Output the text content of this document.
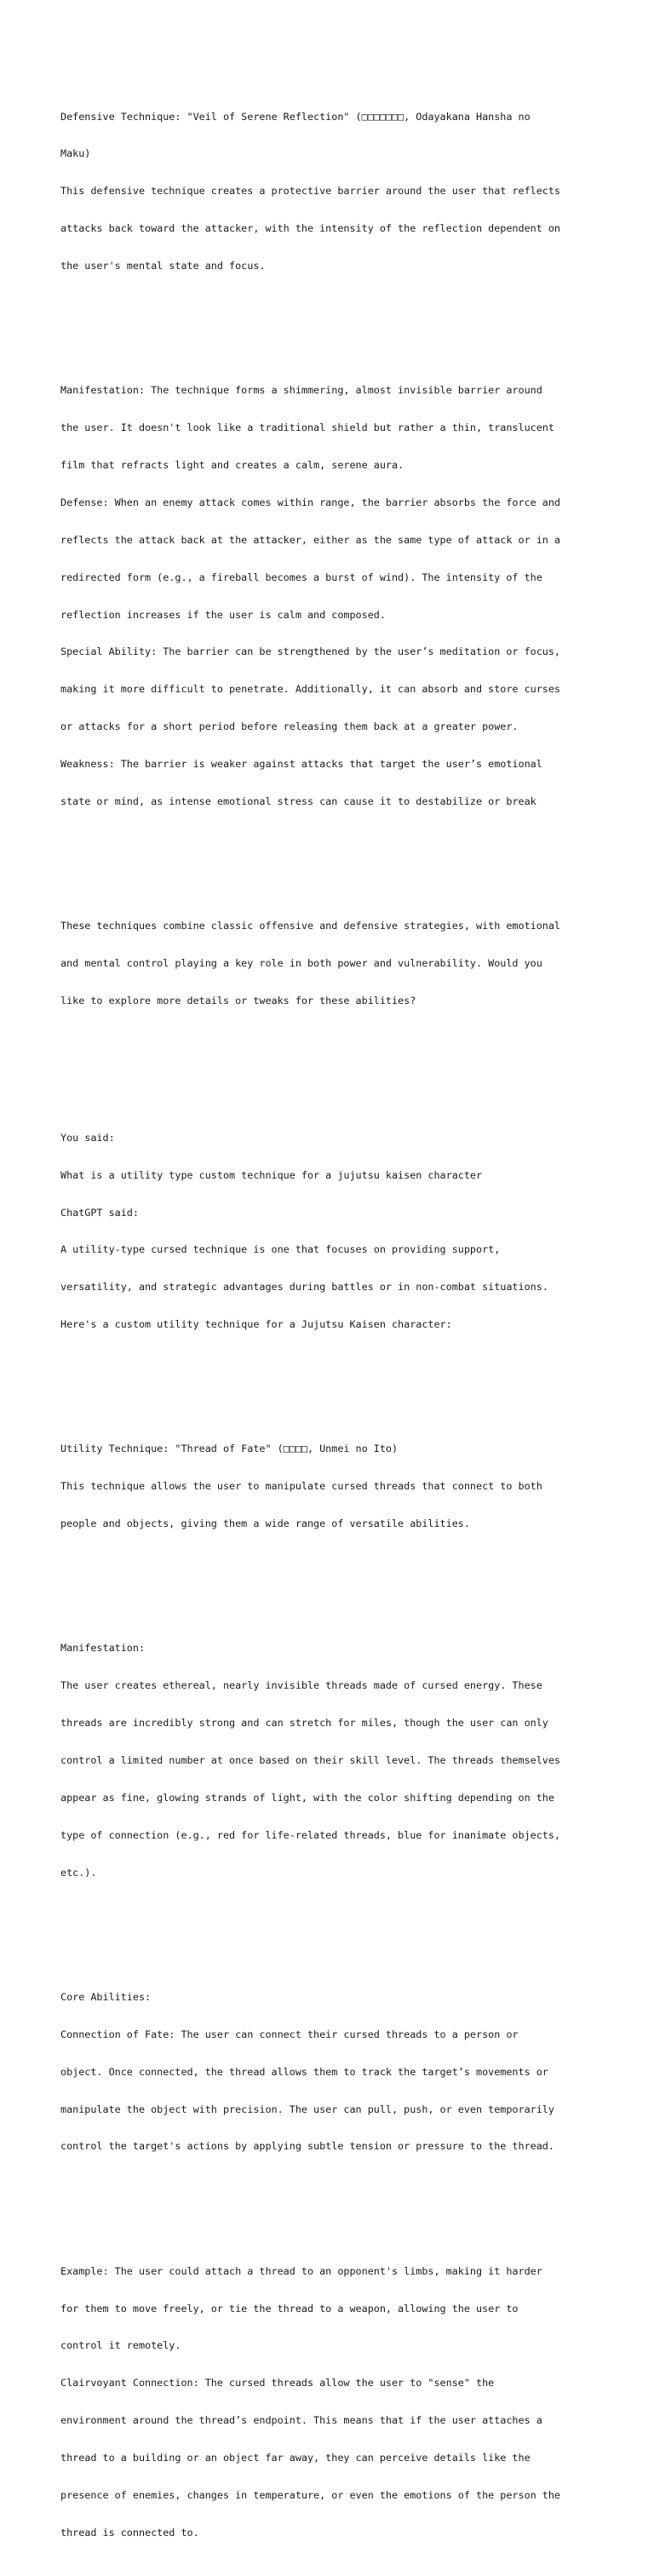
Defensive Technique: "Veil of Serene Reflection" (□□□□□□□, Odayakana Hansha no

Maku)

This defensive technique creates a protective barrier around the user that reflects

attacks back toward the attacker, with the intensity of the reflection dependent on

the user's mental state and focus.

Manifestation: The technique forms a shimmering, almost invisible barrier around

the user. It doesn't look like a traditional shield but rather a thin, translucent

film that refracts light and creates a calm, serene aura.

Defense: When an enemy attack comes within range, the barrier absorbs the force and

reflects the attack back at the attacker, either as the same type of attack or in a

redirected form (e.g., a fireball becomes a burst of wind). The intensity of the

reflection increases if the user is calm and composed.

Special Ability: The barrier can be strengthened by the user’s meditation or focus,

making it more difficult to penetrate. Additionally, it can absorb and store curses

or attacks for a short period before releasing them back at a greater power.

Weakness: The barrier is weaker against attacks that target the user’s emotional

state or mind, as intense emotional stress can cause it to destabilize or break

These techniques combine classic offensive and defensive strategies, with emotional

and mental control playing a key role in both power and vulnerability. Would you

like to explore more details or tweaks for these abilities?

You said:

What is a utility type custom technique for a jujutsu kaisen character

ChatGPT said:

A utility-type cursed technique is one that focuses on providing support,

versatility, and strategic advantages during battles or in non-combat situations.

Here's a custom utility technique for a Jujutsu Kaisen character:

Utility Technique: "Thread of Fate" (□□□□, Unmei no Ito)

This technique allows the user to manipulate cursed threads that connect to both

people and objects, giving them a wide range of versatile abilities.

Manifestation:

The user creates ethereal, nearly invisible threads made of cursed energy. These

threads are incredibly strong and can stretch for miles, though the user can only

control a limited number at once based on their skill level. The threads themselves

appear as fine, glowing strands of light, with the color shifting depending on the

type of connection (e.g., red for life-related threads, blue for inanimate objects,

etc.).

Core Abilities:

Connection of Fate: The user can connect their cursed threads to a person or

object. Once connected, the thread allows them to track the target’s movements or

manipulate the object with precision. The user can pull, push, or even temporarily

control the target's actions by applying subtle tension or pressure to the thread.

Example: The user could attach a thread to an opponent's limbs, making it harder

for them to move freely, or tie the thread to a weapon, allowing the user to

control it remotely.

Clairvoyant Connection: The cursed threads allow the user to "sense" the

environment around the thread’s endpoint. This means that if the user attaches a

thread to a building or an object far away, they can perceive details like the

presence of enemies, changes in temperature, or even the emotions of the person the

thread is connected to.
